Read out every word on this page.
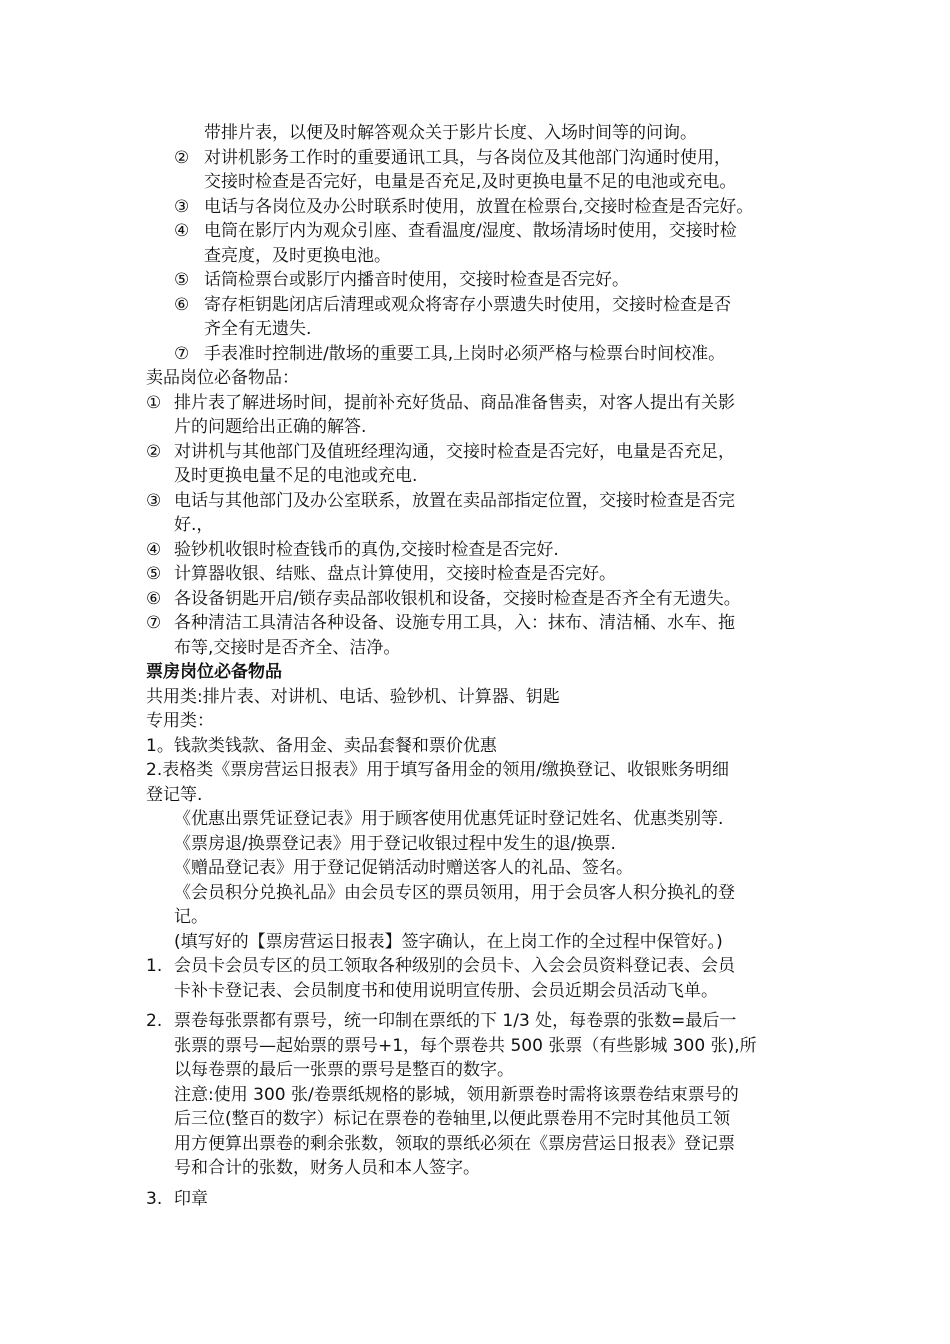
带排片表，以便及时解答观众关于影片长度、入场时间等的问询。
② 对讲机影务工作时的重要通讯工具，与各岗位及其他部门沟通时使用，
交接时检查是否完好，电量是否充足,及时更换电量不足的电池或充电。
③ 电话与各岗位及办公时联系时使用，放置在检票台,交接时检查是否完好。
④ 电筒在影厅内为观众引座、查看温度/湿度、散场清场时使用，交接时检
查亮度，及时更换电池。
⑤ 话筒检票台或影厅内播音时使用，交接时检查是否完好。
⑥ 寄存柜钥匙闭店后清理或观众将寄存小票遗失时使用，交接时检查是否
齐全有无遗失.
⑦ 手表准时控制进/散场的重要工具,上岗时必须严格与检票台时间校准。
卖品岗位必备物品：
① 排片表了解进场时间，提前补充好货品、商品准备售卖，对客人提出有关影
片的问题给出正确的解答.
② 对讲机与其他部门及值班经理沟通，交接时检查是否完好，电量是否充足，
及时更换电量不足的电池或充电.
③ 电话与其他部门及办公室联系，放置在卖品部指定位置，交接时检查是否完
好.，
④ 验钞机收银时检查钱币的真伪,交接时检查是否完好.
⑤ 计算器收银、结账、盘点计算使用，交接时检查是否完好。
⑥ 各设备钥匙开启/锁存卖品部收银机和设备，交接时检查是否齐全有无遗失。
⑦ 各种清洁工具清洁各种设备、设施专用工具，入：抹布、清洁桶、水车、拖
布等,交接时是否齐全、洁净。
票房岗位必备物品
共用类:排片表、对讲机、电话、验钞机、计算器、钥匙
专用类：
1。钱款类钱款、备用金、卖品套餐和票价优惠
2.表格类《票房营运日报表》用于填写备用金的领用/缴换登记、收银账务明细
登记等.
《优惠出票凭证登记表》用于顾客使用优惠凭证时登记姓名、优惠类别等.
《票房退/换票登记表》用于登记收银过程中发生的退/换票.
《赠品登记表》用于登记促销活动时赠送客人的礼品、签名。
《会员积分兑换礼品》由会员专区的票员领用，用于会员客人积分换礼的登
记。
(填写好的【票房营运日报表】签字确认，在上岗工作的全过程中保管好。)
1. 会员卡会员专区的员工领取各种级别的会员卡、入会会员资料登记表、会员
卡补卡登记表、会员制度书和使用说明宣传册、会员近期会员活动飞单。
2. 票卷每张票都有票号，统一印制在票纸的下 1/3 处，每卷票的张数=最后一
张票的票号—起始票的票号+1，每个票卷共 500 张票（有些影城 300 张),所
以每卷票的最后一张票的票号是整百的数字。
注意:使用 300 张/卷票纸规格的影城，领用新票卷时需将该票卷结束票号的
后三位(整百的数字）标记在票卷的卷轴里,以便此票卷用不完时其他员工领
用方便算出票卷的剩余张数，领取的票纸必须在《票房营运日报表》登记票
号和合计的张数，财务人员和本人签字。
3. 印章
